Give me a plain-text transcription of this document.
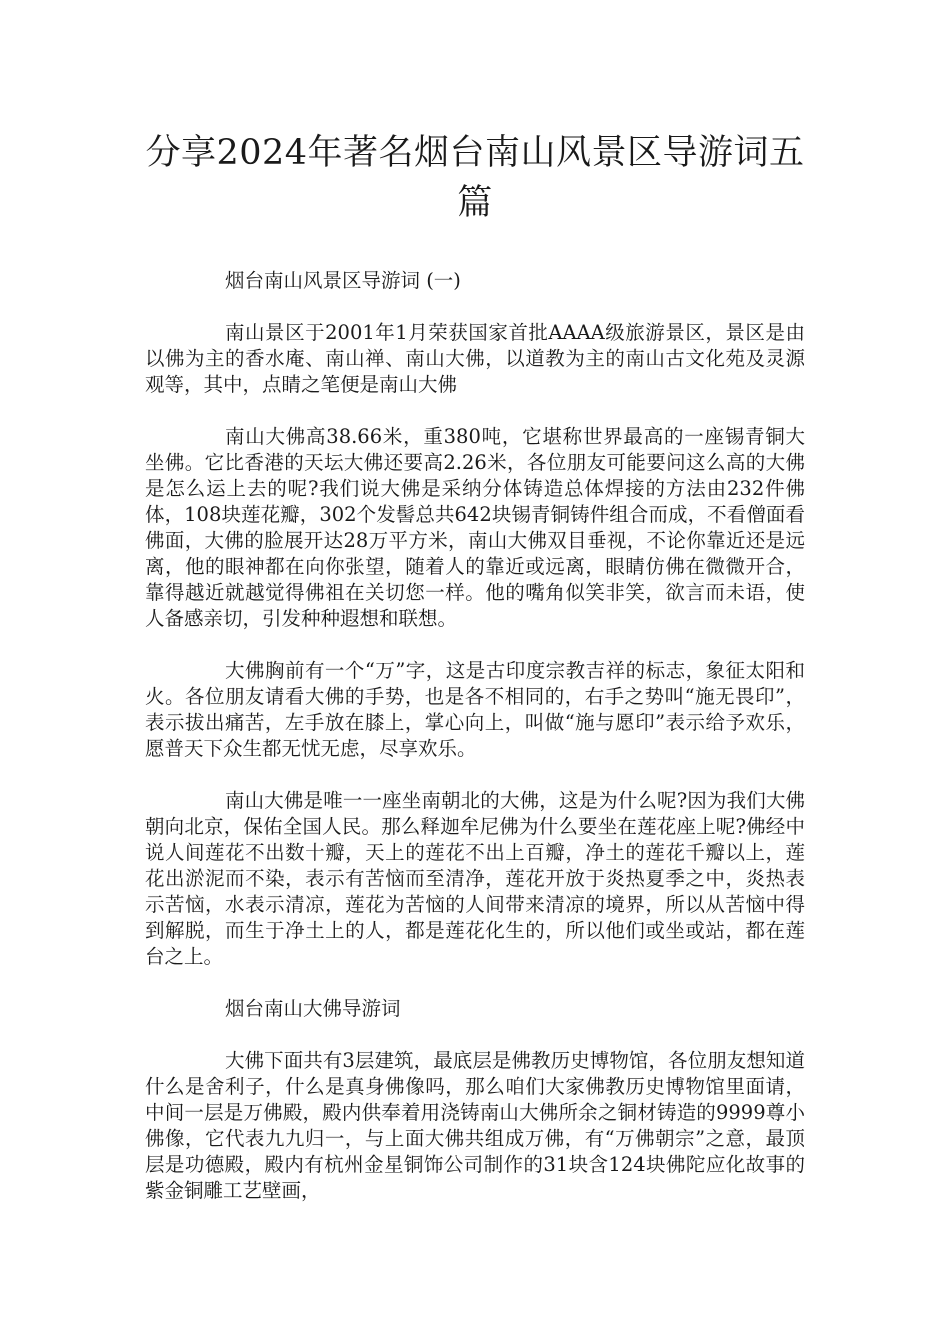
分享2024年著名烟台南山风景区导游词五篇

烟台南山风景区导游词 (一)

南山景区于2001年1月荣获国家首批AAAA级旅游景区，景区是由以佛为主的香水庵、南山禅、南山大佛，以道教为主的南山古文化苑及灵源观等，其中，点睛之笔便是南山大佛

南山大佛高38.66米，重380吨，它堪称世界最高的一座锡青铜大坐佛。它比香港的天坛大佛还要高2.26米，各位朋友可能要问这么高的大佛是怎么运上去的呢?我们说大佛是采纳分体铸造总体焊接的方法由232件佛体，108块莲花瓣，302个发髻总共642块锡青铜铸件组合而成，不看僧面看佛面，大佛的脸展开达28万平方米，南山大佛双目垂视，不论你靠近还是远离，他的眼神都在向你张望，随着人的靠近或远离，眼睛仿佛在微微开合，靠得越近就越觉得佛祖在关切您一样。他的嘴角似笑非笑，欲言而未语，使人备感亲切，引发种种遐想和联想。

大佛胸前有一个“万”字，这是古印度宗教吉祥的标志，象征太阳和火。各位朋友请看大佛的手势，也是各不相同的，右手之势叫“施无畏印”，表示拔出痛苦，左手放在膝上，掌心向上，叫做“施与愿印”表示给予欢乐，愿普天下众生都无忧无虑，尽享欢乐。

南山大佛是唯一一座坐南朝北的大佛，这是为什么呢?因为我们大佛朝向北京，保佑全国人民。那么释迦牟尼佛为什么要坐在莲花座上呢?佛经中说人间莲花不出数十瓣，天上的莲花不出上百瓣，净土的莲花千瓣以上，莲花出淤泥而不染，表示有苦恼而至清净，莲花开放于炎热夏季之中，炎热表示苦恼，水表示清凉，莲花为苦恼的人间带来清凉的境界，所以从苦恼中得到解脱，而生于净土上的人，都是莲花化生的，所以他们或坐或站，都在莲台之上。

烟台南山大佛导游词

大佛下面共有3层建筑，最底层是佛教历史博物馆，各位朋友想知道什么是舍利子，什么是真身佛像吗，那么咱们大家佛教历史博物馆里面请，中间一层是万佛殿，殿内供奉着用浇铸南山大佛所余之铜材铸造的9999尊小佛像，它代表九九归一，与上面大佛共组成万佛，有“万佛朝宗”之意，最顶层是功德殿，殿内有杭州金星铜饰公司制作的31块含124块佛陀应化故事的紫金铜雕工艺壁画，
